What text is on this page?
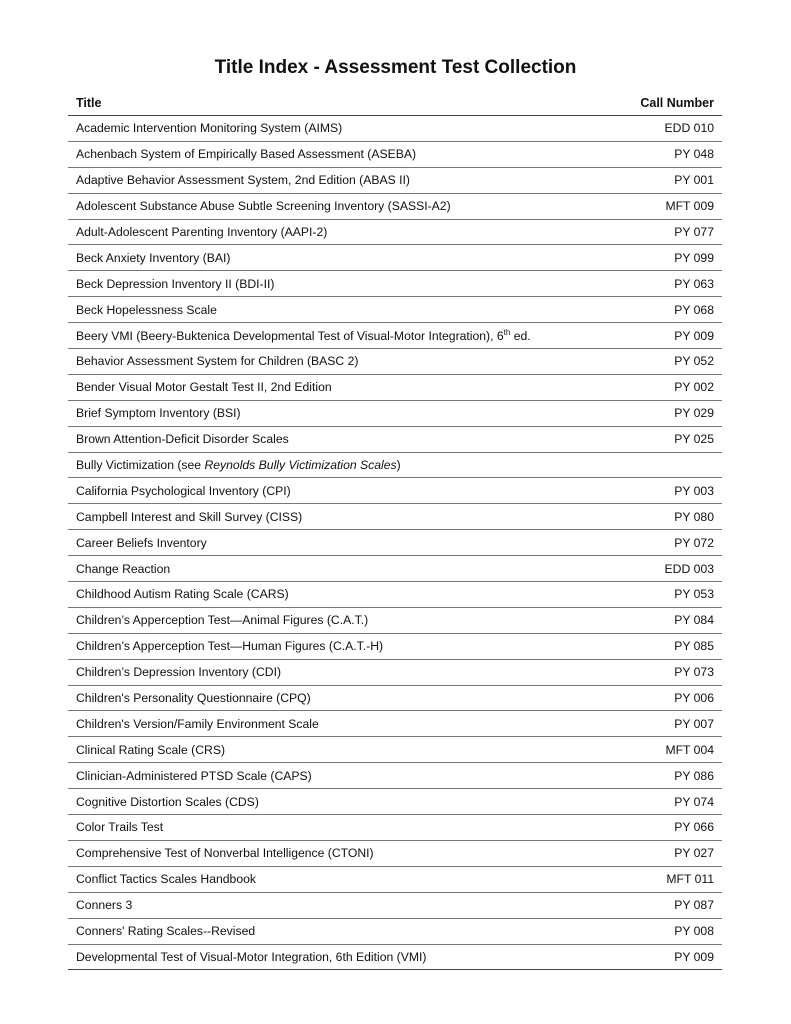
Title Index - Assessment Test Collection
Title	Call Number
Academic Intervention Monitoring System (AIMS)	EDD 010
Achenbach System of Empirically Based Assessment (ASEBA)	PY 048
Adaptive Behavior Assessment System, 2nd Edition (ABAS II)	PY 001
Adolescent Substance Abuse Subtle Screening Inventory (SASSI-A2)	MFT 009
Adult-Adolescent Parenting Inventory (AAPI-2)	PY 077
Beck Anxiety Inventory (BAI)	PY 099
Beck Depression Inventory II (BDI-II)	PY 063
Beck Hopelessness Scale	PY 068
Beery VMI (Beery-Buktenica Developmental Test of Visual-Motor Integration), 6th ed.	PY 009
Behavior Assessment System for Children (BASC 2)	PY 052
Bender Visual Motor Gestalt Test II, 2nd Edition	PY 002
Brief Symptom Inventory (BSI)	PY 029
Brown Attention-Deficit Disorder Scales	PY 025
Bully Victimization (see Reynolds Bully Victimization Scales)
California Psychological Inventory (CPI)	PY 003
Campbell Interest and Skill Survey (CISS)	PY 080
Career Beliefs Inventory	PY 072
Change Reaction	EDD 003
Childhood Autism Rating Scale (CARS)	PY 053
Children’s Apperception Test—Animal Figures (C.A.T.)	PY 084
Children’s Apperception Test—Human Figures (C.A.T.-H)	PY 085
Children’s Depression Inventory (CDI)	PY 073
Children's Personality Questionnaire (CPQ)	PY 006
Children's Version/Family Environment Scale	PY 007
Clinical Rating Scale (CRS)	MFT 004
Clinician-Administered PTSD Scale (CAPS)	PY 086
Cognitive Distortion Scales (CDS)	PY 074
Color Trails Test	PY 066
Comprehensive Test of Nonverbal Intelligence (CTONI)	PY 027
Conflict Tactics Scales Handbook	MFT 011
Conners 3	PY 087
Conners' Rating Scales--Revised	PY 008
Developmental Test of Visual-Motor Integration, 6th Edition (VMI)	PY 009
